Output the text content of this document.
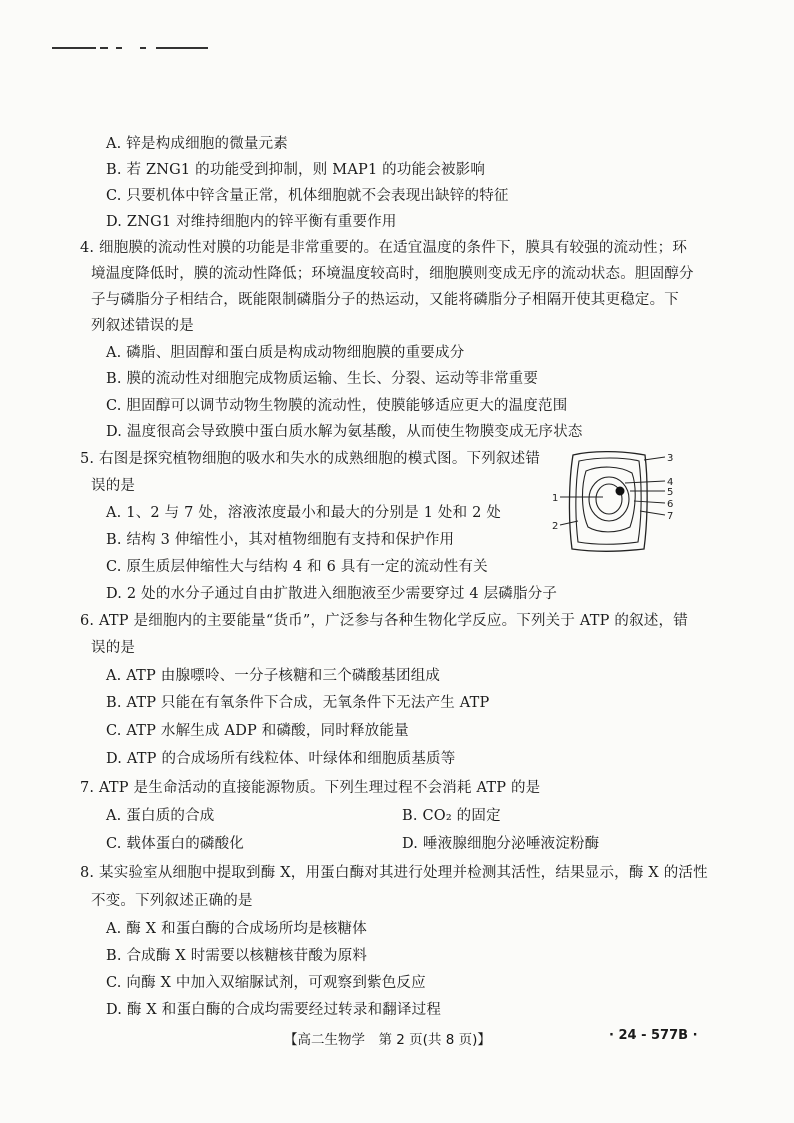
A. 锌是构成细胞的微量元素
B. 若 ZNG1 的功能受到抑制，则 MAP1 的功能会被影响
C. 只要机体中锌含量正常，机体细胞就不会表现出缺锌的特征
D. ZNG1 对维持细胞内的锌平衡有重要作用
4. 细胞膜的流动性对膜的功能是非常重要的。在适宜温度的条件下，膜具有较强的流动性；环
境温度降低时，膜的流动性降低；环境温度较高时，细胞膜则变成无序的流动状态。胆固醇分
子与磷脂分子相结合，既能限制磷脂分子的热运动，又能将磷脂分子相隔开使其更稳定。下
列叙述错误的是
A. 磷脂、胆固醇和蛋白质是构成动物细胞膜的重要成分
B. 膜的流动性对细胞完成物质运输、生长、分裂、运动等非常重要
C. 胆固醇可以调节动物生物膜的流动性，使膜能够适应更大的温度范围
D. 温度很高会导致膜中蛋白质水解为氨基酸，从而使生物膜变成无序状态
5. 右图是探究植物细胞的吸水和失水的成熟细胞的模式图。下列叙述错
误的是
A. 1、2 与 7 处，溶液浓度最小和最大的分别是 1 处和 2 处
B. 结构 3 伸缩性小，其对植物细胞有支持和保护作用
C. 原生质层伸缩性大与结构 4 和 6 具有一定的流动性有关
D. 2 处的水分子通过自由扩散进入细胞液至少需要穿过 4 层磷脂分子
1
2
3
4
5
6
7
6. ATP 是细胞内的主要能量“货币”，广泛参与各种生物化学反应。下列关于 ATP 的叙述，错
误的是
A. ATP 由腺嘌呤、一分子核糖和三个磷酸基团组成
B. ATP 只能在有氧条件下合成，无氧条件下无法产生 ATP
C. ATP 水解生成 ADP 和磷酸，同时释放能量
D. ATP 的合成场所有线粒体、叶绿体和细胞质基质等
7. ATP 是生命活动的直接能源物质。下列生理过程不会消耗 ATP 的是
A. 蛋白质的合成	B. CO₂ 的固定
C. 载体蛋白的磷酸化	D. 唾液腺细胞分泌唾液淀粉酶
8. 某实验室从细胞中提取到酶 X，用蛋白酶对其进行处理并检测其活性，结果显示，酶 X 的活性
不变。下列叙述正确的是
A. 酶 X 和蛋白酶的合成场所均是核糖体
B. 合成酶 X 时需要以核糖核苷酸为原料
C. 向酶 X 中加入双缩脲试剂，可观察到紫色反应
D. 酶 X 和蛋白酶的合成均需要经过转录和翻译过程
【高二生物学　第 2 页(共 8 页)】	· 24 - 577B ·
